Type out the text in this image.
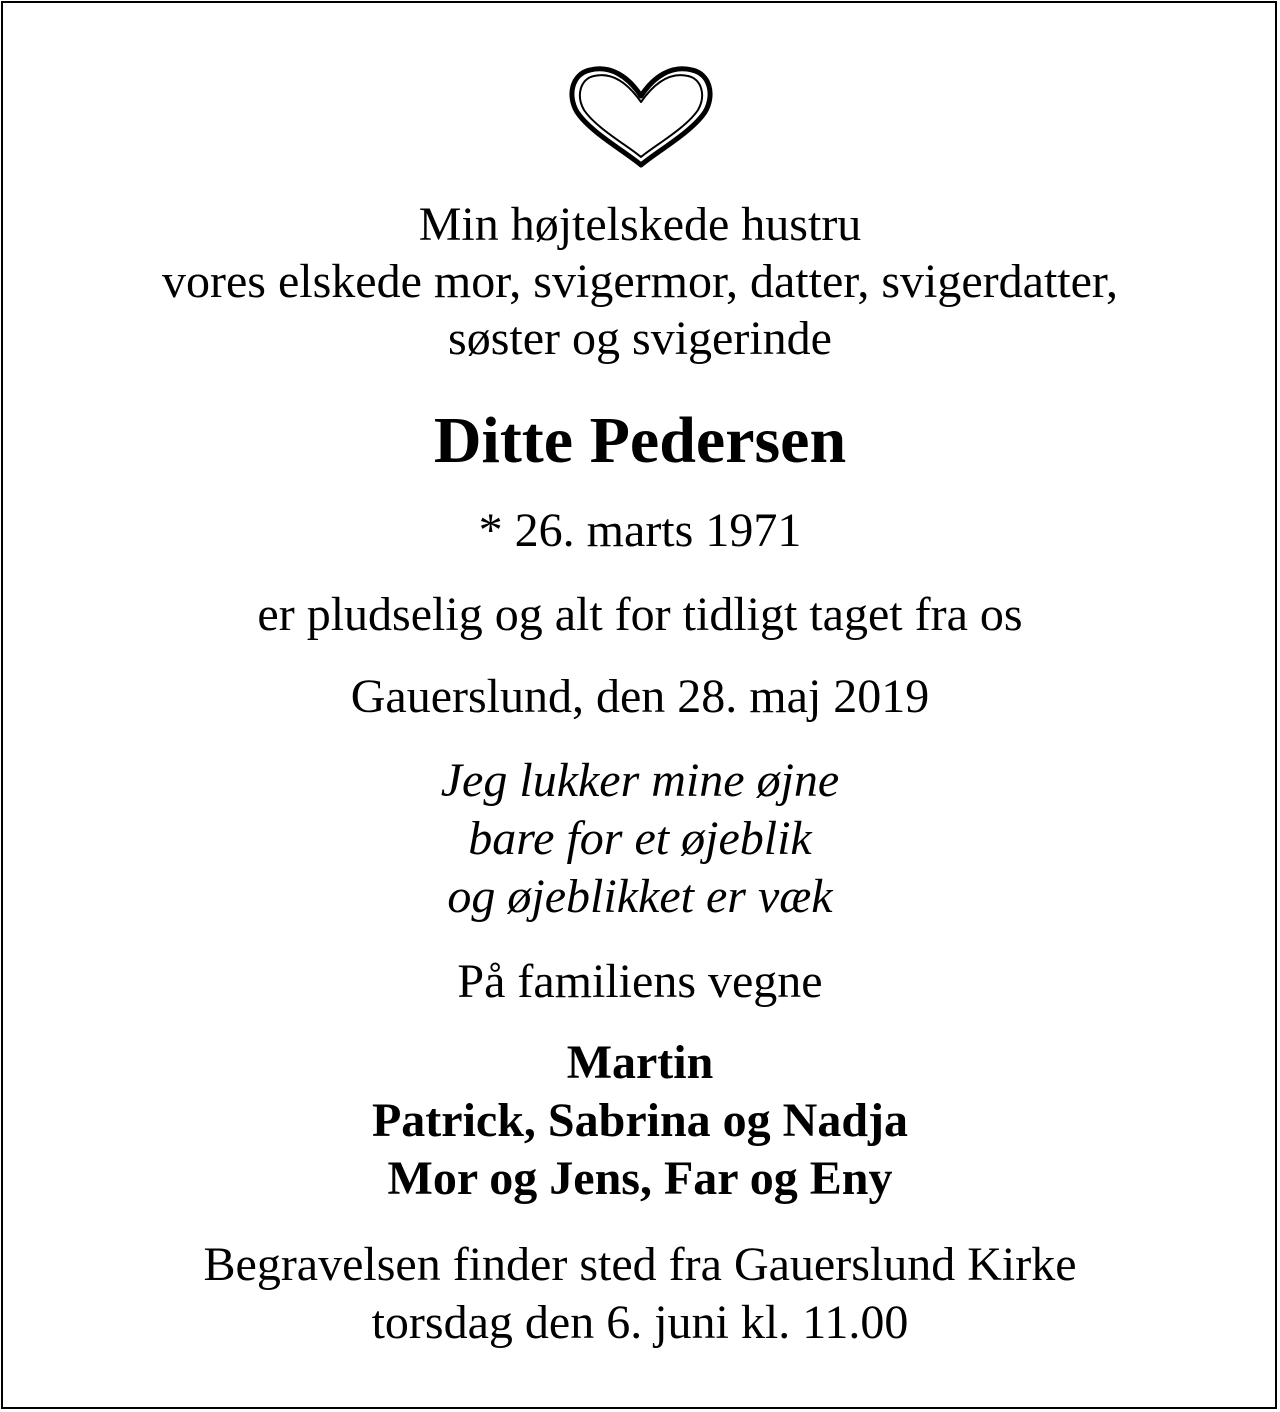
Min højtelskede hustru
vores elskede mor, svigermor, datter, svigerdatter,
søster og svigerinde
Ditte Pedersen
* 26. marts 1971
er pludselig og alt for tidligt taget fra os
Gauerslund, den 28. maj 2019
Jeg lukker mine øjne
bare for et øjeblik
og øjeblikket er væk
På familiens vegne
Martin
Patrick, Sabrina og Nadja
Mor og Jens, Far og Eny
Begravelsen finder sted fra Gauerslund Kirke
torsdag den 6. juni kl. 11.00
